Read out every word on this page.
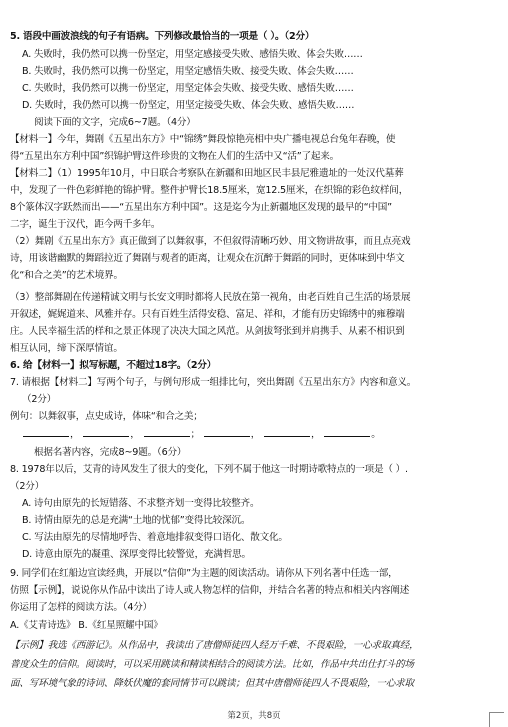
5. 语段中画波浪线的句子有语病。下列修改最恰当的一项是（ ）。（2分）
A. 失败时，我仍然可以携一份坚定，用坚定感接受失败、感悟失败、体会失败……
B. 失败时，我仍然可以携一份坚定，用坚定感悟失败、接受失败、体会失败……
C. 失败时，我仍然可以携一份坚定，用坚定体会失败、接受失败、感悟失败……
D. 失败时，我仍然可以携一份坚定，用坚定接受失败、体会失败、感悟失败……
阅读下面的文字，完成6~7题。（4分）
【材料一】今年，舞剧《五星出东方》中“锦绣”舞段惊艳亮相中央广播电视总台兔年春晚，使
得“五星出东方利中国”织锦护臂这件珍贵的文物在人们的生活中又“活”了起来。
【材料二】（1）1995年10月，中日联合考察队在新疆和田地区民丰县尼雅遗址的一处汉代墓葬
中，发现了一件色彩鲜艳的锦护臂。整件护臂长18.5厘米，宽12.5厘米，在织锦的彩色纹样间，
8个篆体汉字跃然而出——“五星出东方利中国”。这是迄今为止新疆地区发现的最早的“中国”
二字，诞生于汉代，距今两千多年。
（2）舞剧《五星出东方》真正做到了以舞叙事，不但叙得清晰巧妙、用文物讲故事，而且点亮戏
诗，用该谐幽默的舞蹈拉近了舞剧与观者的距离，让观众在沉醉于舞蹈的同时，更体味到中华文
化“和合之美”的艺术境界。
（3）整部舞剧在传递精诚文明与长安文明时都将人民放在第一视角，由老百姓自己生活的场景展
开叙述，娓娓道来、风雅并存。只有百姓生活得安稳、富足、祥和，才能有历史锦绣中的雍穆端
庄。人民幸福生活的样和之景正体现了决决大国之风范。从剑拔弩张到并肩携手、从素不相识到
相互认同，缔下深厚情谊。
6. 给【材料一】拟写标题，不超过18字。（2分）
7. 请根据【材料二】写两个句子，与例句形成一组排比句，突出舞剧《五星出东方》内容和意义。
（2分）
例句：以舞叙事，点史成诗，体味“和合之美；
，	，	；	，	，	。
根据名著内容，完成8~9题。（6分）
8. 1978年以后，艾青的诗风发生了很大的变化，下列不属于他这一时期诗歌特点的一项是（ ）.
（2分）
A. 诗句由原先的长短错落、不求整齐划一变得比较整齐。
B. 诗情由原先的总是充满“土地的忧郁”变得比较深沉。
C. 写法由原先的尽情地呼告、着意地排叙变得口语化、散文化。
D. 诗意由原先的凝重、深厚变得比较警觉，充满哲思。
9. 同学们在红船边宣读经典，开展以“信仰”为主题的阅读活动。请你从下列名著中任选一部，
仿照【示例】，说说你从作品中读出了诗人或人物怎样的信仰，并结合名著的特点和相关内容阐述
你运用了怎样的阅读方法。（4分）
A.《艾青诗选》 B.《红星照耀中国》
【示例】我选《西游记》。从作品中，我读出了唐僧师徒四人经万千难、不畏艰险，一心求取真经，
普度众生的信仰。阅读时，可以采用跳读和精读相结合的阅读方法。比如，作品中共出仕打斗的场
面、写环境气象的诗词、降妖伏魔的套同情节可以跳读；但其中唐僧师徒四人不畏艰险，一心求取
第2页，共8页
